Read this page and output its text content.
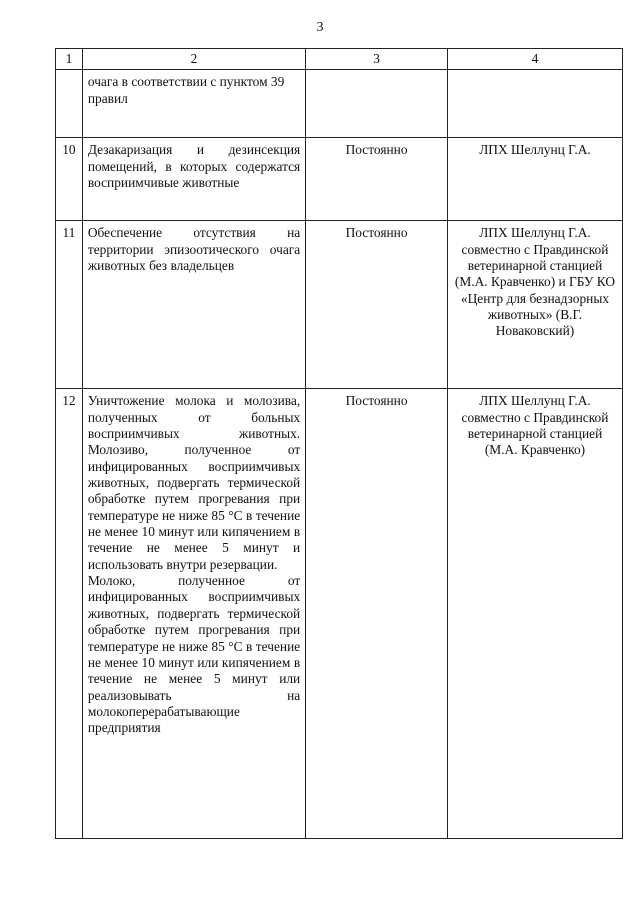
3
1	2	3	4
	очага в соответствии с пунктом 39 правил		
10	Дезакаризация и дезинсекция помещений, в которых содержатся восприимчивые животные	Постоянно	ЛПХ Шеллунц Г.А.
11	Обеспечение отсутствия на территории эпизоотического очага животных без владельцев	Постоянно	ЛПХ Шеллунц Г.А. совместно с Правдинской ветеринарной станцией (М.А. Кравченко) и ГБУ КО «Центр для безнадзорных животных» (В.Г. Новаковский)
12	Уничтожение молока и молозива, полученных от больных восприимчивых животных. Молозиво, полученное от инфицированных восприимчивых животных, подвергать термической обработке путем прогревания при температуре не ниже 85 °С в течение не менее 10 минут или кипячением в течение не менее 5 минут и использовать внутри резервации.
Молоко, полученное от инфицированных восприимчивых животных, подвергать термической обработке путем прогревания при температуре не ниже 85 °С в течение не менее 10 минут или кипячением в течение не менее 5 минут или реализовывать на молокоперерабатывающие предприятия	Постоянно	ЛПХ Шеллунц Г.А. совместно с Правдинской ветеринарной станцией (М.А. Кравченко)
